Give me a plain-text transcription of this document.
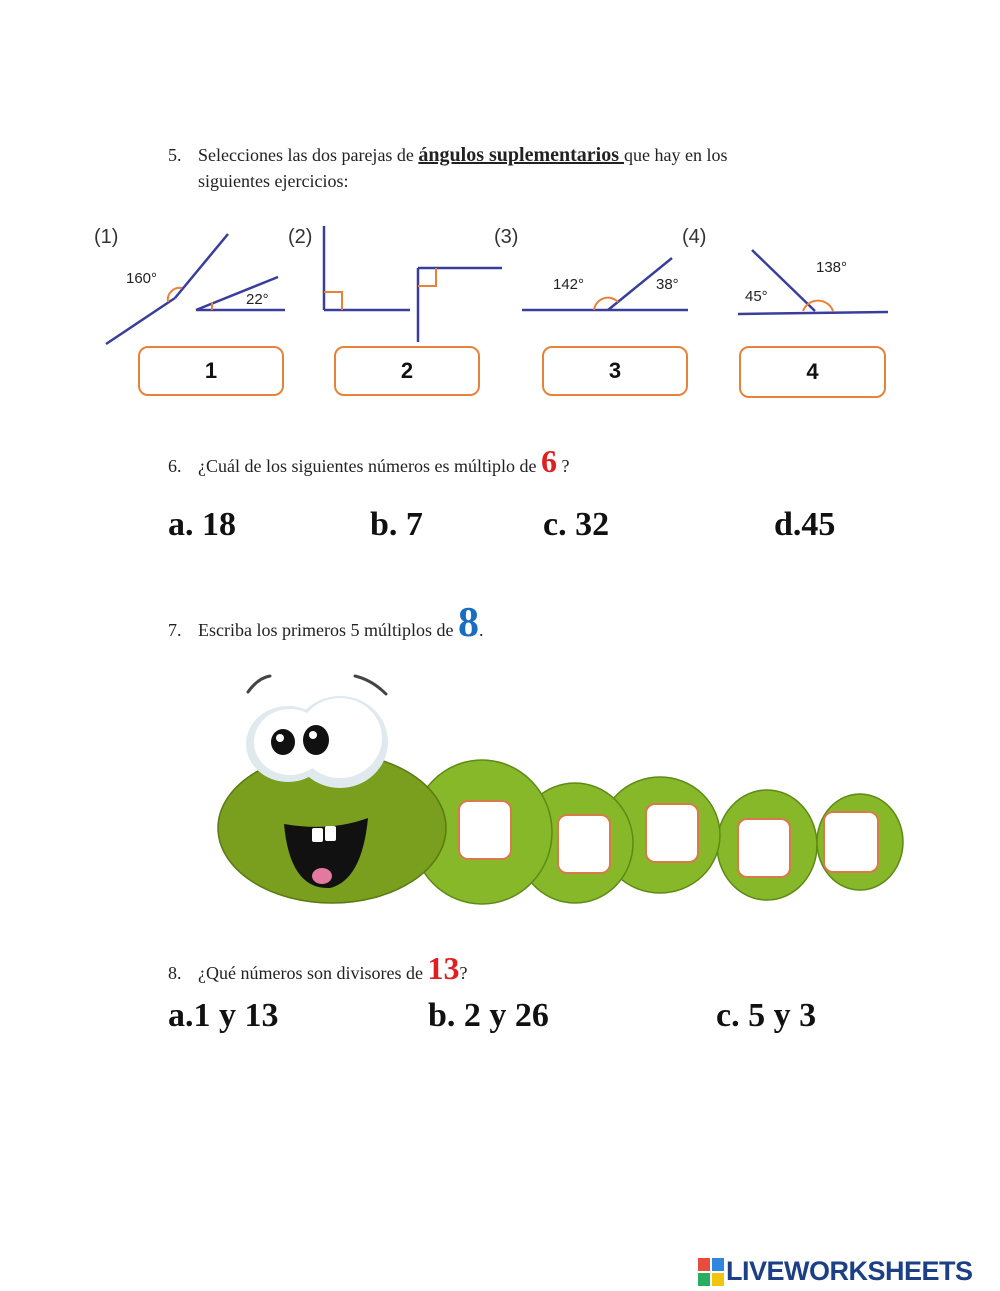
5. Selecciones las dos parejas de ángulos suplementarios que hay en los
siguientes ejercicios:
(1)	(2)	(3)	(4)
160°
22°
142°	38°
138°
45°
1	2	3	4
6. ¿Cuál de los siguientes números es múltiplo de 6 ?
a. 18	b. 7	c. 32	d.45
7. Escriba los primeros 5 múltiplos de 8.
8. ¿Qué números son divisores de 13?
a.1 y 13	b. 2 y 26	c. 5 y 3
LIVEWORKSHEETS
